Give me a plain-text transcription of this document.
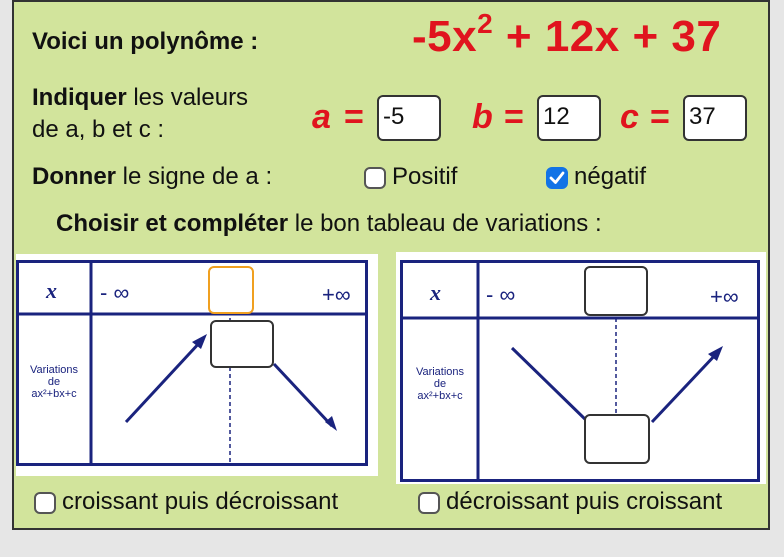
Voici un polynôme :	$-5x^2 + 12x + 37$
Indiquer les valeurs
de a, b et c :	a = -5	b = 12	c = 37
Donner le signe de a :	Positif	négatif
Choisir et compléter le bon tableau de variations :
x - ∞	+∞
Variations
de
ax²+bx+c
x - ∞	+∞
Variations
de
ax²+bx+c
croissant puis décroissant	décroissant puis croissant
